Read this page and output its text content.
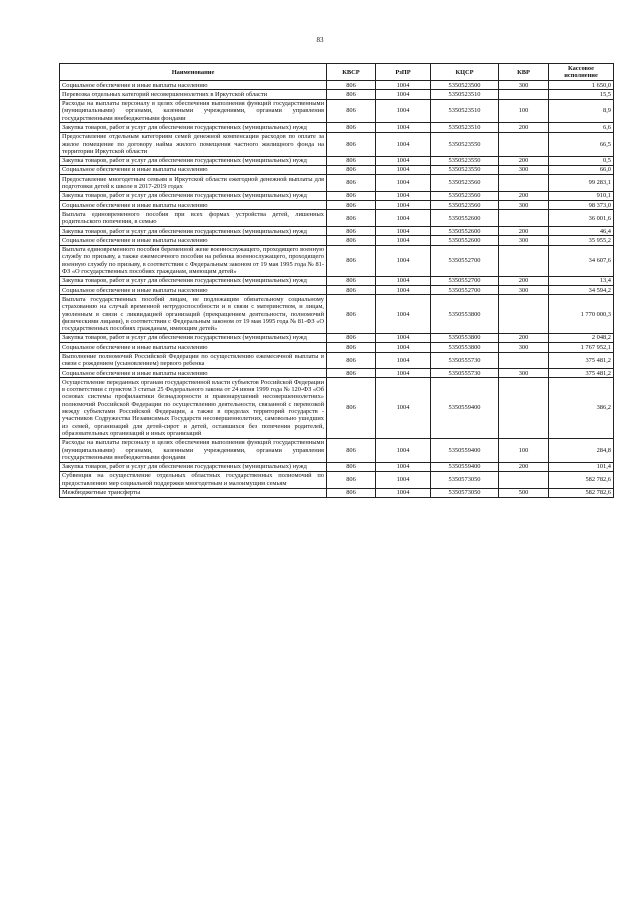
83
Наименование	КВСР	РзПР	КЦСР	КВР	Кассовое исполнение
Социальное обеспечение и иные выплаты населению	806	1004	5350523500	300	1 650,0
Перевозка отдельных категорий несовершеннолетних в Иркутской области	806	1004	5350523510		15,5
Расходы на выплаты персоналу в целях обеспечения выполнения функций государственными (муниципальными) органами, казенными учреждениями, органами управления государственными внебюджетными фондами	806	1004	5350523510	100	8,9
Закупка товаров, работ и услуг для обеспечения государственных (муниципальных) нужд	806	1004	5350523510	200	6,6
Предоставление отдельным категориям семей денежной компенсации расходов по оплате за жилое помещение по договору найма жилого помещения частного жилищного фонда на территории Иркутской области	806	1004	5350523550		66,5
Закупка товаров, работ и услуг для обеспечения государственных (муниципальных) нужд	806	1004	5350523550	200	0,5
Социальное обеспечение и иные выплаты населению	806	1004	5350523550	300	66,0
Предоставление многодетным семьям в Иркутской области ежегодной денежной выплаты для подготовки детей к школе в 2017-2019 годах	806	1004	5350523560		99 283,1
Закупка товаров, работ и услуг для обеспечения государственных (муниципальных) нужд	806	1004	5350523560	200	910,1
Социальное обеспечение и иные выплаты населению	806	1004	5350523560	300	98 373,0
Выплата единовременного пособия при всех формах устройства детей, лишенных родительского попечения, в семью	806	1004	5350552600		36 001,6
Закупка товаров, работ и услуг для обеспечения государственных (муниципальных) нужд	806	1004	5350552600	200	46,4
Социальное обеспечение и иные выплаты населению	806	1004	5350552600	300	35 955,2
Выплата единовременного пособия беременной жене военнослужащего, проходящего военную службу по призыву, а также ежемесячного пособия на ребенка военнослужащего, проходящего военную службу по призыву, в соответствии с Федеральным законом от 19 мая 1995 года № 81-ФЗ «О государственных пособиях гражданам, имеющим детей»	806	1004	5350552700		34 607,6
Закупка товаров, работ и услуг для обеспечения государственных (муниципальных) нужд	806	1004	5350552700	200	13,4
Социальное обеспечение и иные выплаты населению	806	1004	5350552700	300	34 594,2
Выплата государственных пособий лицам, не подлежащим обязательному социальному страхованию на случай временной нетрудоспособности и в связи с материнством, и лицам, уволенным в связи с ликвидацией организаций (прекращением деятельности, полномочий физическими лицами), в соответствии с Федеральным законом от 19 мая 1995 года № 81-ФЗ «О государственных пособиях гражданам, имеющим детей»	806	1004	5350553800		1 770 000,3
Закупка товаров, работ и услуг для обеспечения государственных (муниципальных) нужд	806	1004	5350553800	200	2 048,2
Социальное обеспечение и иные выплаты населению	806	1004	5350553800	300	1 767 952,1
Выполнение полномочий Российской Федерации по осуществлению ежемесячной выплаты в связи с рождением (усыновлением) первого ребенка	806	1004	5350555730		375 481,2
Социальное обеспечение и иные выплаты населению	806	1004	5350555730	300	375 481,2
Осуществление переданных органам государственной власти субъектов Российской Федерации в соответствии с пунктом 3 статьи 25 Федерального закона от 24 июня 1999 года № 120-ФЗ «Об основах системы профилактики безнадзорности и правонарушений несовершеннолетних» полномочий Российской Федерации по осуществлению деятельности, связанной с перевозкой между субъектами Российской Федерации, а также в пределах территорий государств - участников Содружества Независимых Государств несовершеннолетних, самовольно ушедших из семей, организаций для детей-сирот и детей, оставшихся без попечения родителей, образовательных организаций и иных организаций	806	1004	5350559400		386,2
Расходы на выплаты персоналу в целях обеспечения выполнения функций государственными (муниципальными) органами, казенными учреждениями, органами управления государственными внебюджетными фондами	806	1004	5350559400	100	284,8
Закупка товаров, работ и услуг для обеспечения государственных (муниципальных) нужд	806	1004	5350559400	200	101,4
Субвенция на осуществление отдельных областных государственных полномочий по предоставлению мер социальной поддержки многодетным и малоимущим семьям	806	1004	5350573050		582 782,6
Межбюджетные трансферты	806	1004	5350573050	500	582 782,6
